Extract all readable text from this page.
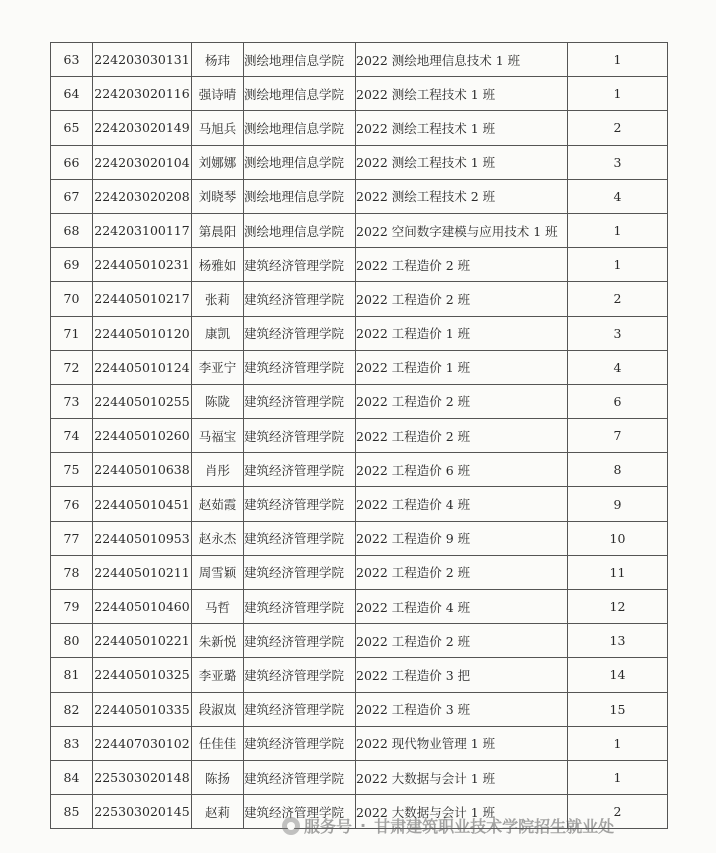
63	224203030131	杨玮	测绘地理信息学院	2022 测绘地理信息技术 1 班	1
64	224203020116	强诗晴	测绘地理信息学院	2022 测绘工程技术 1 班	1
65	224203020149	马旭兵	测绘地理信息学院	2022 测绘工程技术 1 班	2
66	224203020104	刘娜娜	测绘地理信息学院	2022 测绘工程技术 1 班	3
67	224203020208	刘晓琴	测绘地理信息学院	2022 测绘工程技术 2 班	4
68	224203100117	第晨阳	测绘地理信息学院	2022 空间数字建模与应用技术 1 班	1
69	224405010231	杨雅如	建筑经济管理学院	2022 工程造价 2 班	1
70	224405010217	张莉	建筑经济管理学院	2022 工程造价 2 班	2
71	224405010120	康凯	建筑经济管理学院	2022 工程造价 1 班	3
72	224405010124	李亚宁	建筑经济管理学院	2022 工程造价 1 班	4
73	224405010255	陈陇	建筑经济管理学院	2022 工程造价 2 班	6
74	224405010260	马福宝	建筑经济管理学院	2022 工程造价 2 班	7
75	224405010638	肖彤	建筑经济管理学院	2022 工程造价 6 班	8
76	224405010451	赵茹霞	建筑经济管理学院	2022 工程造价 4 班	9
77	224405010953	赵永杰	建筑经济管理学院	2022 工程造价 9 班	10
78	224405010211	周雪颖	建筑经济管理学院	2022 工程造价 2 班	11
79	224405010460	马哲	建筑经济管理学院	2022 工程造价 4 班	12
80	224405010221	朱新悦	建筑经济管理学院	2022 工程造价 2 班	13
81	224405010325	李亚璐	建筑经济管理学院	2022 工程造价 3 把	14
82	224405010335	段淑岚	建筑经济管理学院	2022 工程造价 3 班	15
83	224407030102	任佳佳	建筑经济管理学院	2022 现代物业管理 1 班	1
84	225303020148	陈扬	建筑经济管理学院	2022 大数据与会计 1 班	1
85	225303020145	赵莉	建筑经济管理学院	2022 大数据与会计 1 班	2
服务号 · 甘肃建筑职业技术学院招生就业处
